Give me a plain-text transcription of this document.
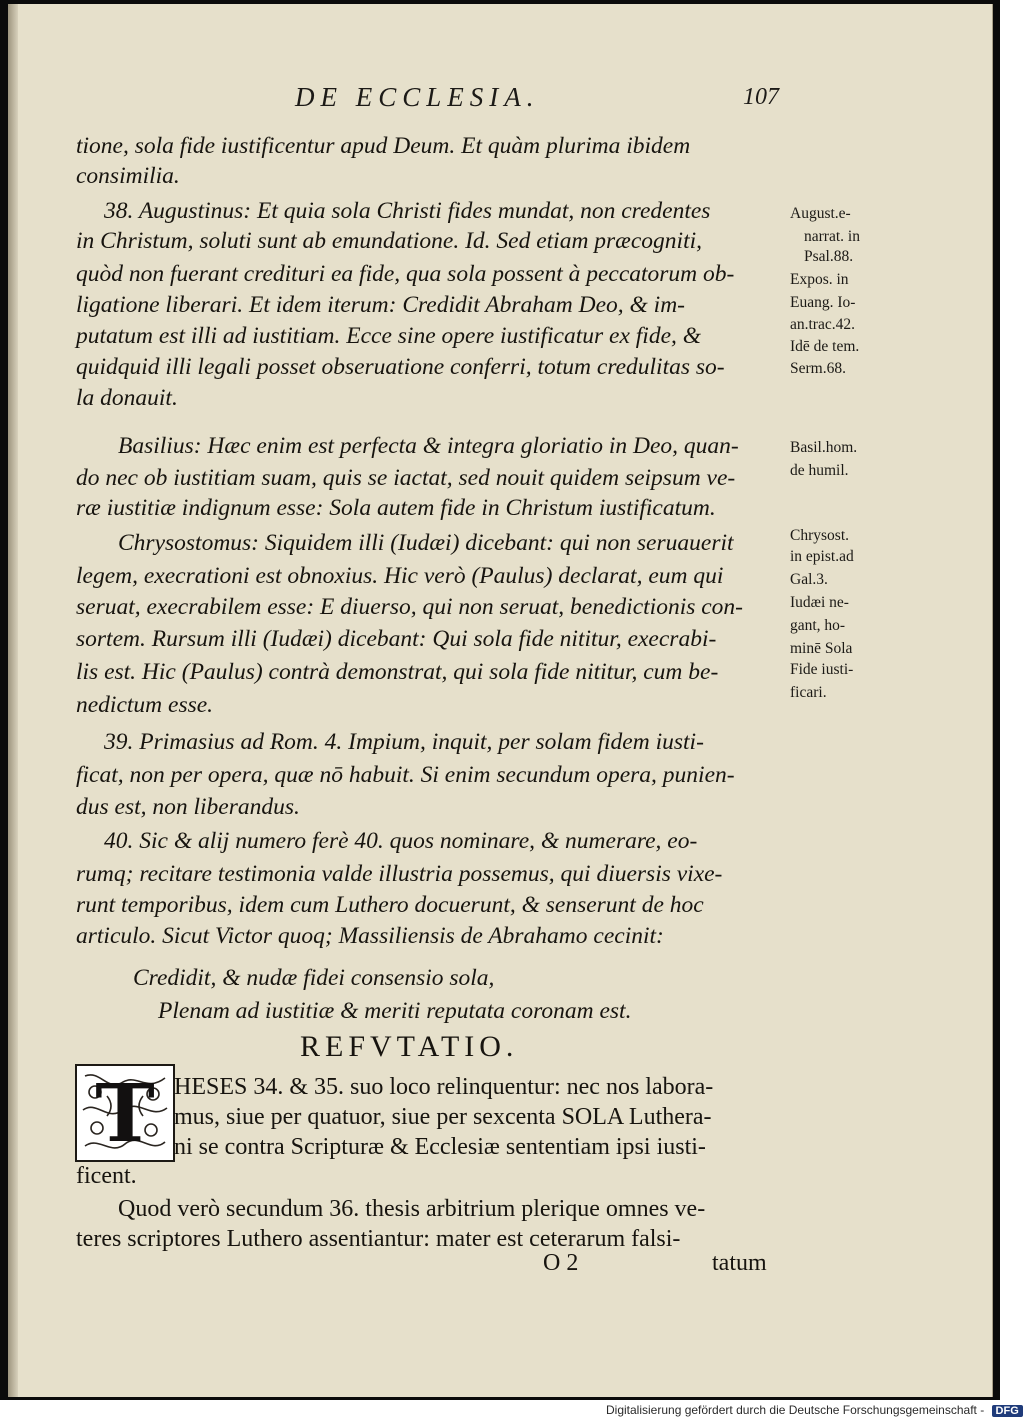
DE ECCLESIA.	107
tione, sola fide iustificentur apud Deum. Et quàm plurima ibidem
consimilia.
38. Augustinus: Et quia sola Christi fides mundat, non credentes
in Christum, soluti sunt ab emundatione. Id. Sed etiam præcogniti,
quòd non fuerant credituri ea fide, qua sola possent à peccatorum ob-
ligatione liberari. Et idem iterum: Credidit Abraham Deo, & im-
putatum est illi ad iustitiam. Ecce sine opere iustificatur ex fide, &
quidquid illi legali posset obseruatione conferri, totum credulitas so-
la donauit.
Basilius: Hæc enim est perfecta & integra gloriatio in Deo, quan-
do nec ob iustitiam suam, quis se iactat, sed nouit quidem seipsum ve-
ræ iustitiæ indignum esse: Sola autem fide in Christum iustificatum.
Chrysostomus: Siquidem illi (Iudæi) dicebant: qui non seruauerit
legem, execrationi est obnoxius. Hic verò (Paulus) declarat, eum qui
seruat, execrabilem esse: E diuerso, qui non seruat, benedictionis con-
sortem. Rursum illi (Iudæi) dicebant: Qui sola fide nititur, execrabi-
lis est. Hic (Paulus) contrà demonstrat, qui sola fide nititur, cum be-
nedictum esse.
39. Primasius ad Rom. 4. Impium, inquit, per solam fidem iusti-
ficat, non per opera, quæ nō habuit. Si enim secundum opera, punien-
dus est, non liberandus.
40. Sic & alij numero ferè 40. quos nominare, & numerare, eo-
rumq; recitare testimonia valde illustria possemus, qui diuersis vixe-
runt temporibus, idem cum Luthero docuerunt, & senserunt de hoc
articulo. Sicut Victor quoq; Massiliensis de Abrahamo cecinit:
Credidit, & nudæ fidei consensio sola,
Plenam ad iustitiæ & meriti reputata coronam est.
August.e-
narrat. in
Psal.88.
Expos. in
Euang. Io-
an.trac.42.
Idē de tem.
Serm.68.
Basil.hom.
de humil.
Chrysost.
in epist.ad
Gal.3.
Iudæi ne-
gant, ho-
minē Sola
Fide iusti-
ficari.
REFVTATIO.
T HESES 34. & 35. suo loco relinquentur: nec nos labora-
mus, siue per quatuor, siue per sexcenta SOLA Luthera-
ni se contra Scripturæ & Ecclesiæ sententiam ipsi iusti-
ficent.
Quod verò secundum 36. thesis arbitrium plerique omnes ve-
teres scriptores Luthero assentiantur: mater est ceterarum falsi-
O 2	tatum
Digitalisierung gefördert durch die Deutsche Forschungsgemeinschaft - DFG
